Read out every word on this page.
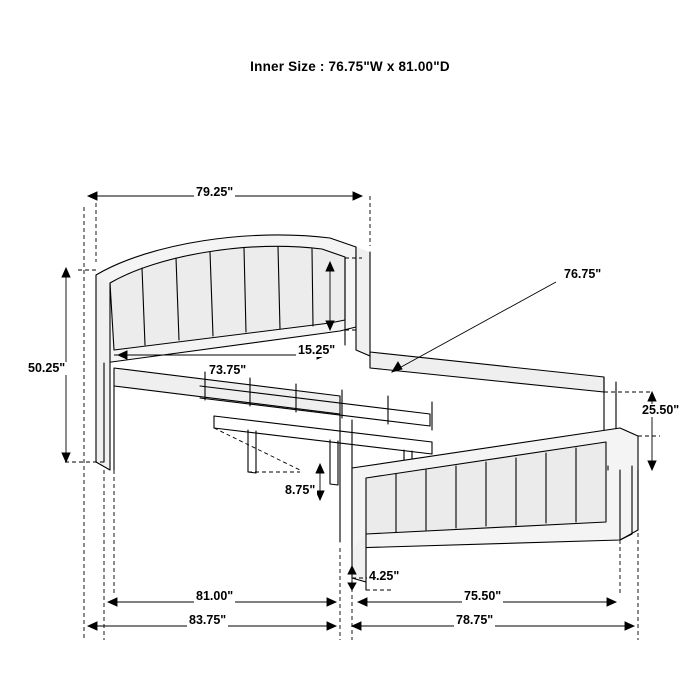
Inner Size : 76.75"W x 81.00"D
79.25"
76.75"
50.25"
15.25"
73.75"
25.50"
8.75"
4.25"
81.00"	75.50"
83.75"	78.75"
